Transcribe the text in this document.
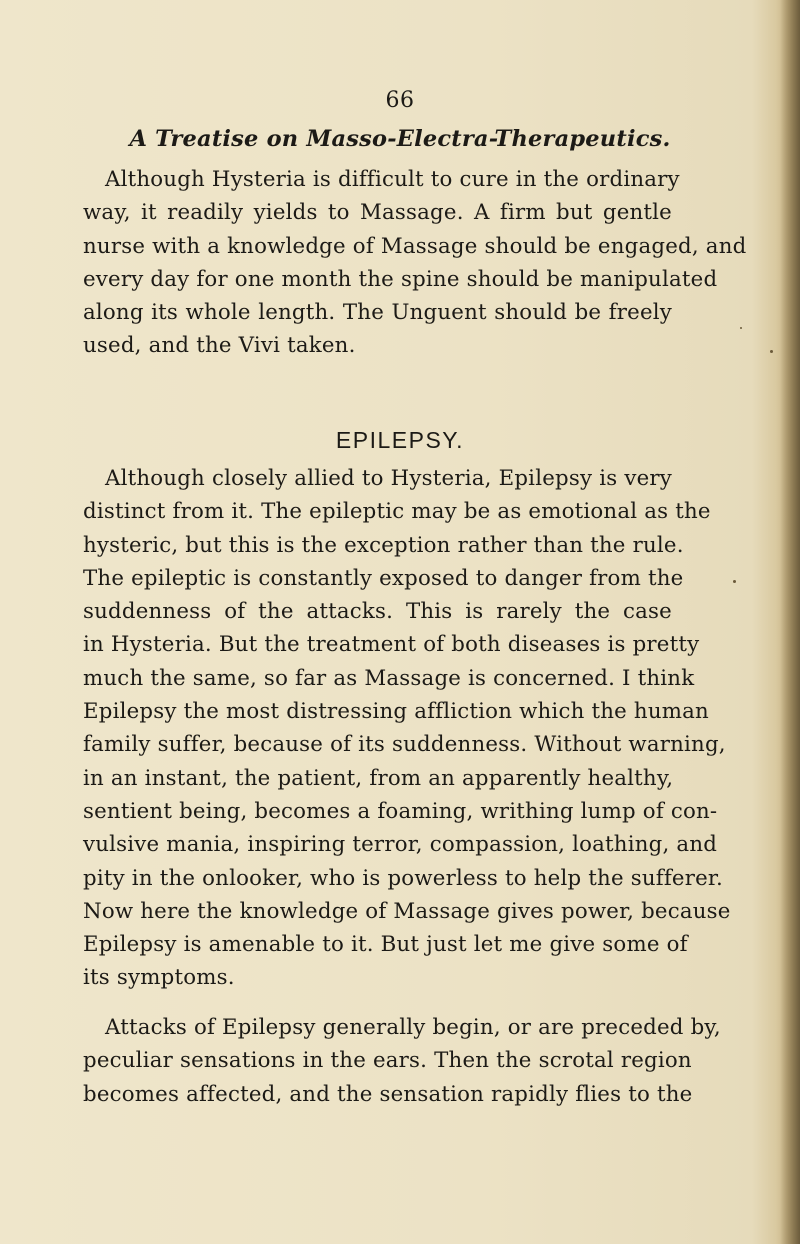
66
A Treatise on Masso-Electra-Therapeutics.
Although Hysteria is difficult to cure in the ordinary
way, it readily yields to Massage. A firm but gentle
nurse with a knowledge of Massage should be engaged, and
every day for one month the spine should be manipulated
along its whole length. The Unguent should be freely
used, and the Vivi taken.
EPILEPSY.
Although closely allied to Hysteria, Epilepsy is very
distinct from it. The epileptic may be as emotional as the
hysteric, but this is the exception rather than the rule.
The epileptic is constantly exposed to danger from the
suddenness of the attacks. This is rarely the case
in Hysteria. But the treatment of both diseases is pretty
much the same, so far as Massage is concerned. I think
Epilepsy the most distressing affliction which the human
family suffer, because of its suddenness. Without warning,
in an instant, the patient, from an apparently healthy,
sentient being, becomes a foaming, writhing lump of con-
vulsive mania, inspiring terror, compassion, loathing, and
pity in the onlooker, who is powerless to help the sufferer.
Now here the knowledge of Massage gives power, because
Epilepsy is amenable to it. But just let me give some of
its symptoms.
Attacks of Epilepsy generally begin, or are preceded by,
peculiar sensations in the ears. Then the scrotal region
becomes affected, and the sensation rapidly flies to the
